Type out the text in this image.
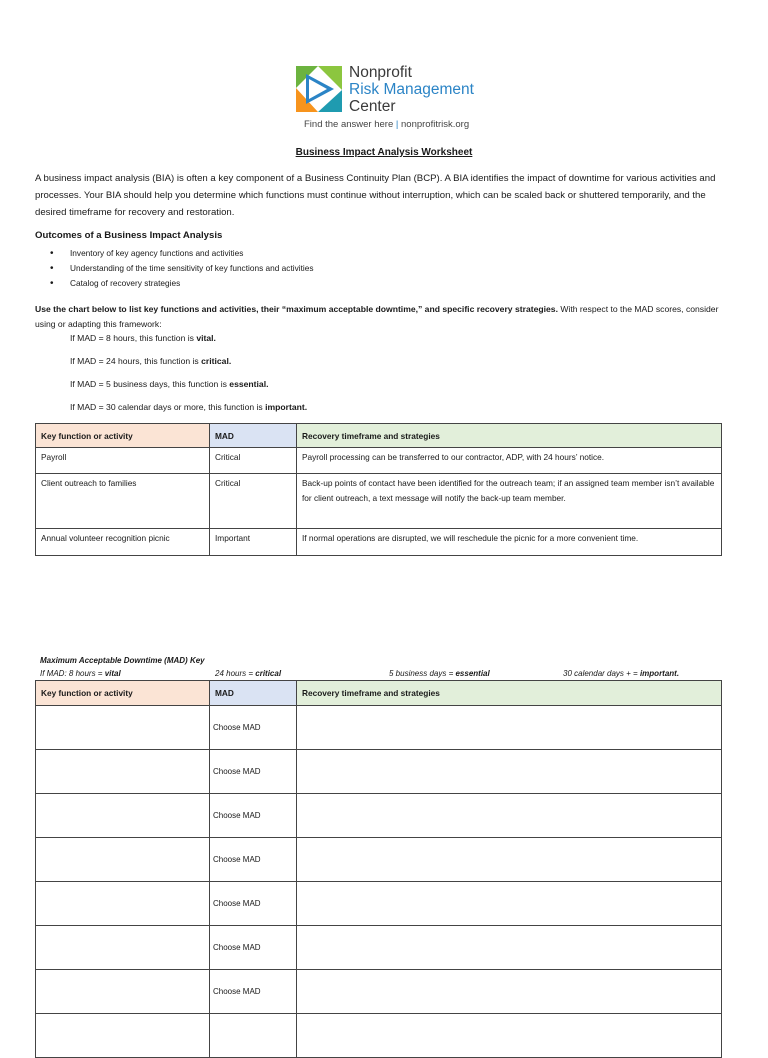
Nonprofit
Risk Management
Center
Find the answer here | nonprofitrisk.org
Business Impact Analysis Worksheet
A business impact analysis (BIA) is often a key component of a Business Continuity Plan (BCP). A BIA identifies the impact of downtime for various activities and processes. Your BIA should help you determine which functions must continue without interruption, which can be scaled back or shuttered temporarily, and the desired timeframe for recovery and restoration.
Outcomes of a Business Impact Analysis
• Inventory of key agency functions and activities
• Understanding of the time sensitivity of key functions and activities
• Catalog of recovery strategies
Use the chart below to list key functions and activities, their “maximum acceptable downtime,” and specific recovery strategies. With respect to the MAD scores, consider using or adapting this framework:
If MAD = 8 hours, this function is vital.
If MAD = 24 hours, this function is critical.
If MAD = 5 business days, this function is essential.
If MAD = 30 calendar days or more, this function is important.
Key function or activity	MAD	Recovery timeframe and strategies
Payroll	Critical	Payroll processing can be transferred to our contractor, ADP, with 24 hours’ notice.
Client outreach to families	Critical	Back-up points of contact have been identified for the outreach team; if an assigned team member isn’t available for client outreach, a text message will notify the back-up team member.
Annual volunteer recognition picnic	Important	If normal operations are disrupted, we will reschedule the picnic for a more convenient time.
Maximum Acceptable Downtime (MAD) Key
If MAD: 8 hours = vital	24 hours = critical	5 business days = essential	30 calendar days + = important.
Key function or activity	MAD	Recovery timeframe and strategies
	Choose MAD	
	Choose MAD	
	Choose MAD	
	Choose MAD	
	Choose MAD	
	Choose MAD	
	Choose MAD	
